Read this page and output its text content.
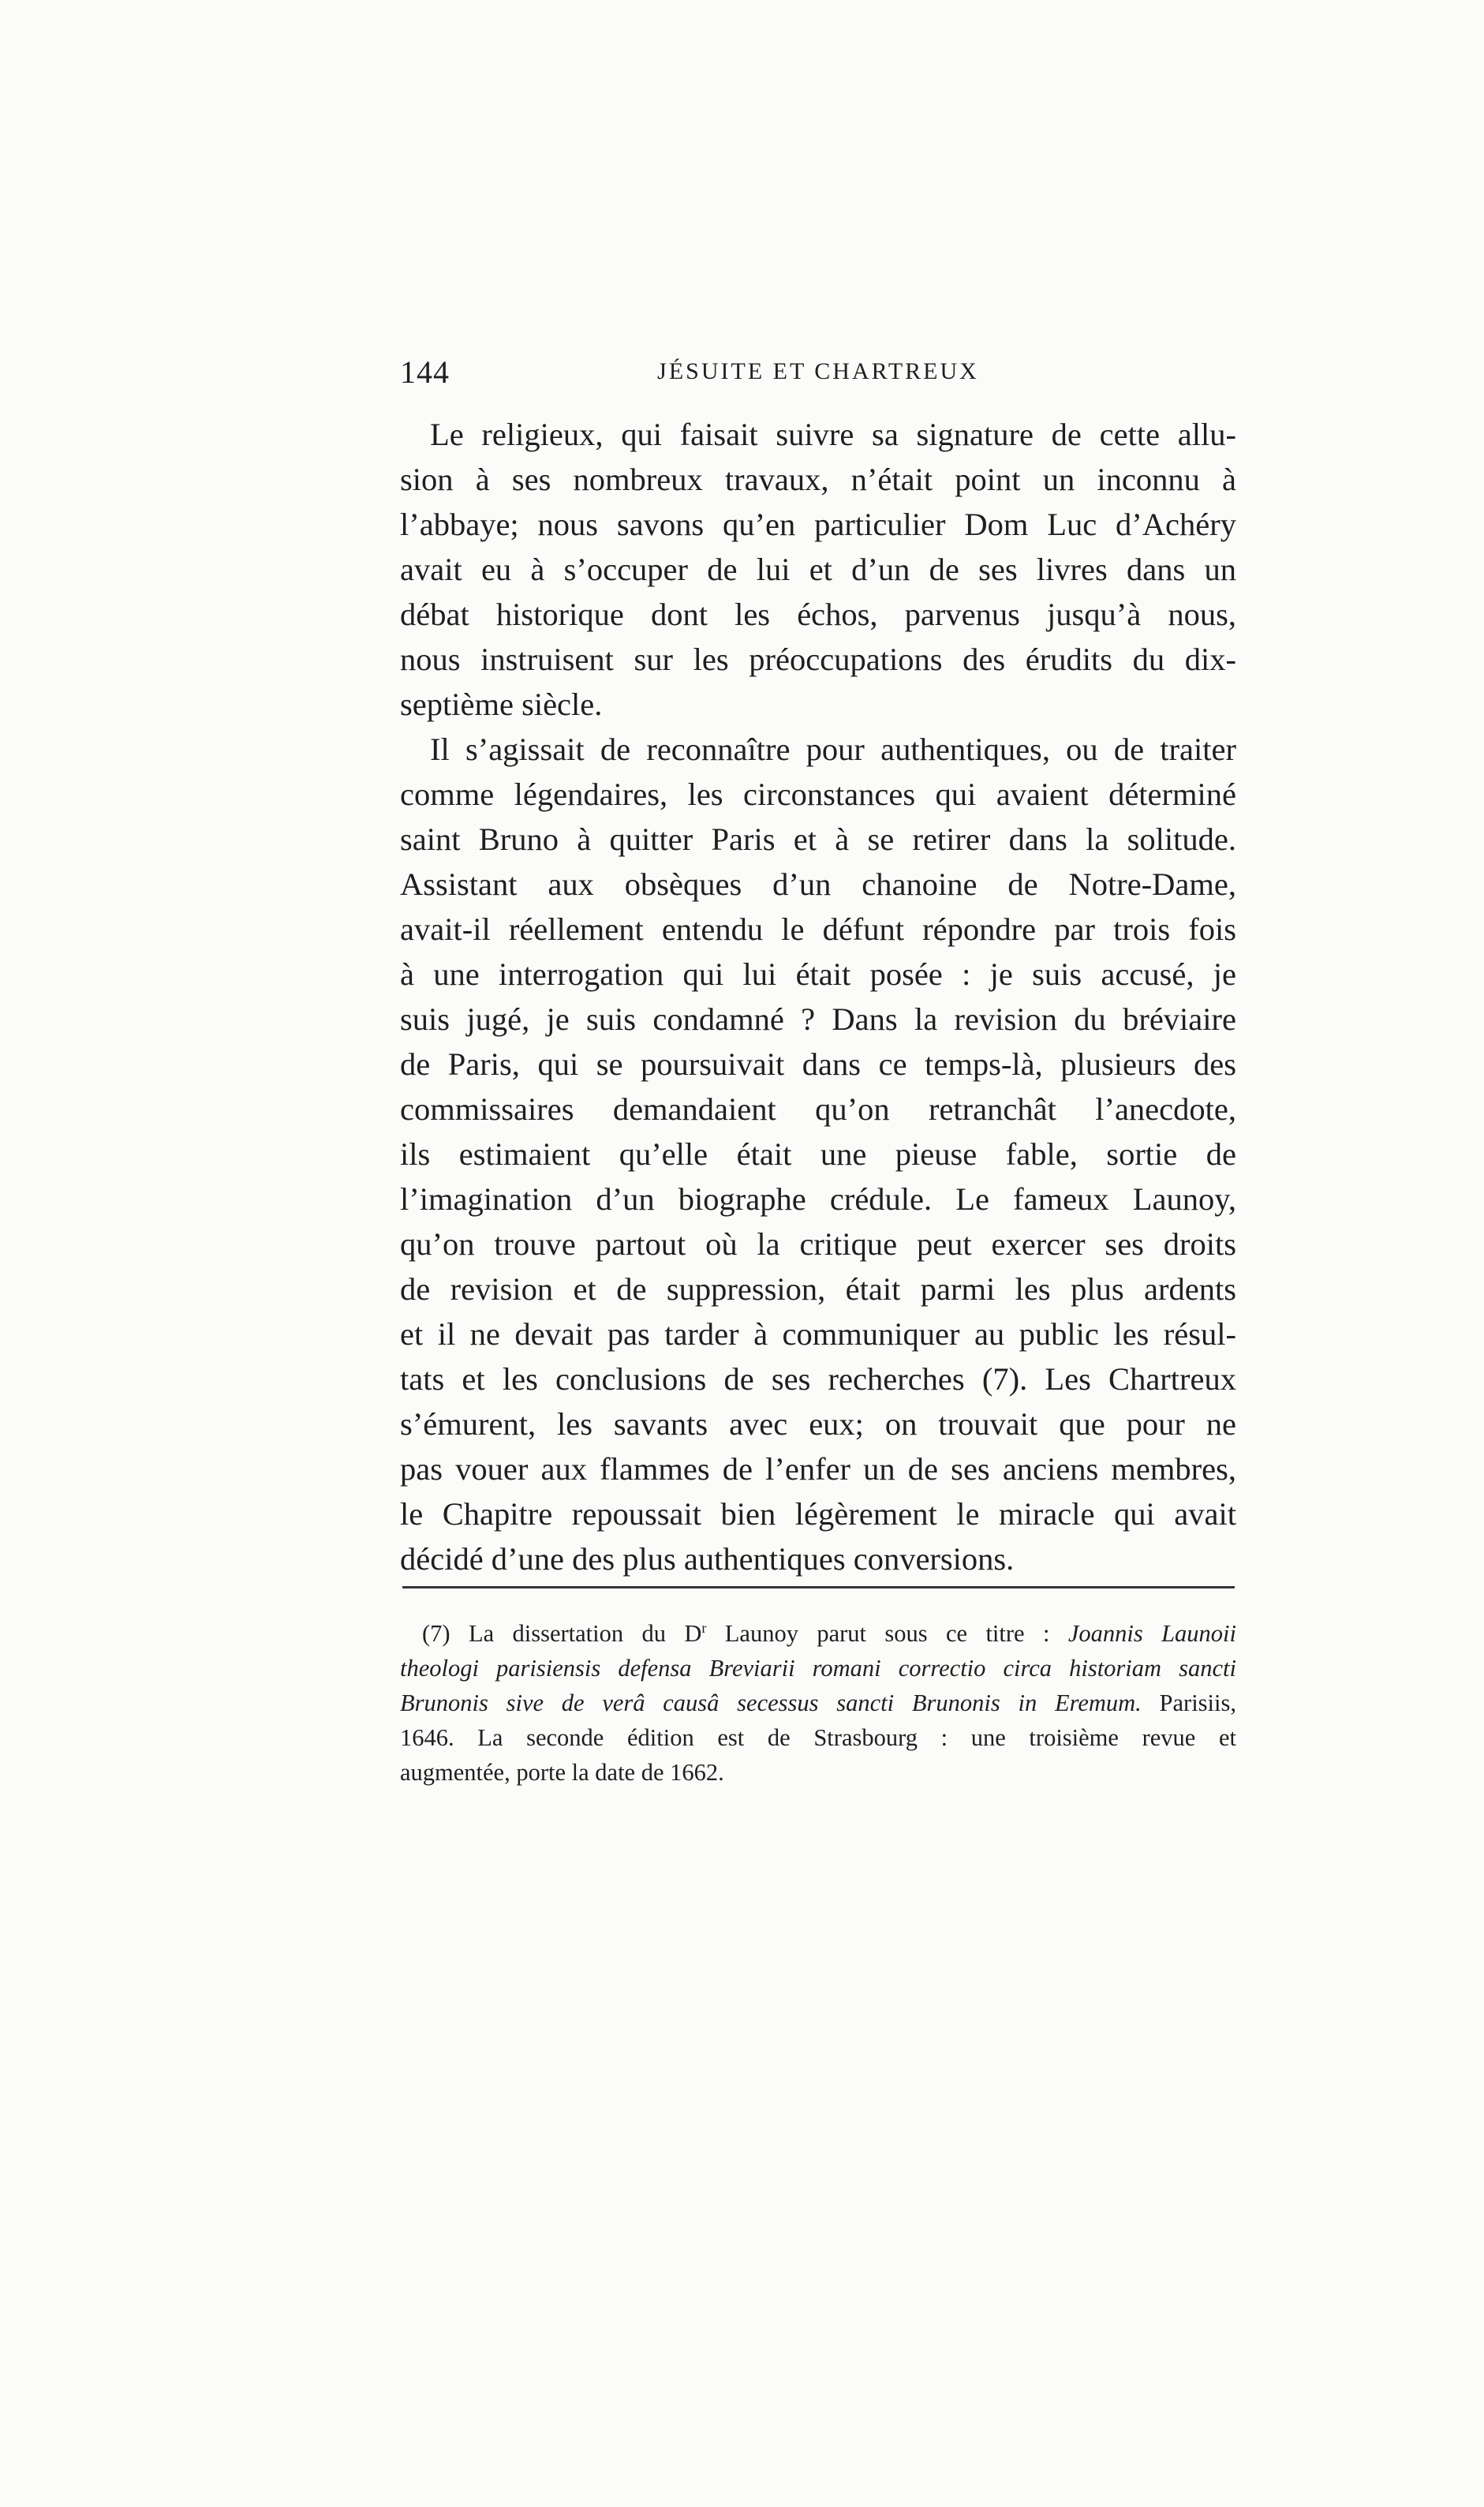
144	JÉSUITE ET CHARTREUX
Le religieux, qui faisait suivre sa signature de cette allu-
sion à ses nombreux travaux, n’était point un inconnu à
l’abbaye; nous savons qu’en particulier Dom Luc d’Achéry
avait eu à s’occuper de lui et d’un de ses livres dans un
débat historique dont les échos, parvenus jusqu’à nous,
nous instruisent sur les préoccupations des érudits du dix-
septième siècle.
Il s’agissait de reconnaître pour authentiques, ou de traiter
comme légendaires, les circonstances qui avaient déterminé
saint Bruno à quitter Paris et à se retirer dans la solitude.
Assistant aux obsèques d’un chanoine de Notre-Dame,
avait-il réellement entendu le défunt répondre par trois fois
à une interrogation qui lui était posée : je suis accusé, je
suis jugé, je suis condamné ? Dans la revision du bréviaire
de Paris, qui se poursuivait dans ce temps-là, plusieurs des
commissaires demandaient qu’on retranchât l’anecdote,
ils estimaient qu’elle était une pieuse fable, sortie de
l’imagination d’un biographe crédule. Le fameux Launoy,
qu’on trouve partout où la critique peut exercer ses droits
de revision et de suppression, était parmi les plus ardents
et il ne devait pas tarder à communiquer au public les résul-
tats et les conclusions de ses recherches (7). Les Chartreux
s’émurent, les savants avec eux; on trouvait que pour ne
pas vouer aux flammes de l’enfer un de ses anciens membres,
le Chapitre repoussait bien légèrement le miracle qui avait
décidé d’une des plus authentiques conversions.
(7) La dissertation du $D^r$ Launoy parut sous ce titre : Joannis Launoii
theologi parisiensis defensa Breviarii romani correctio circa historiam sancti
Brunonis sive de verâ causâ secessus sancti Brunonis in Eremum. Parisiis,
1646. La seconde édition est de Strasbourg : une troisième revue et
augmentée, porte la date de 1662.
